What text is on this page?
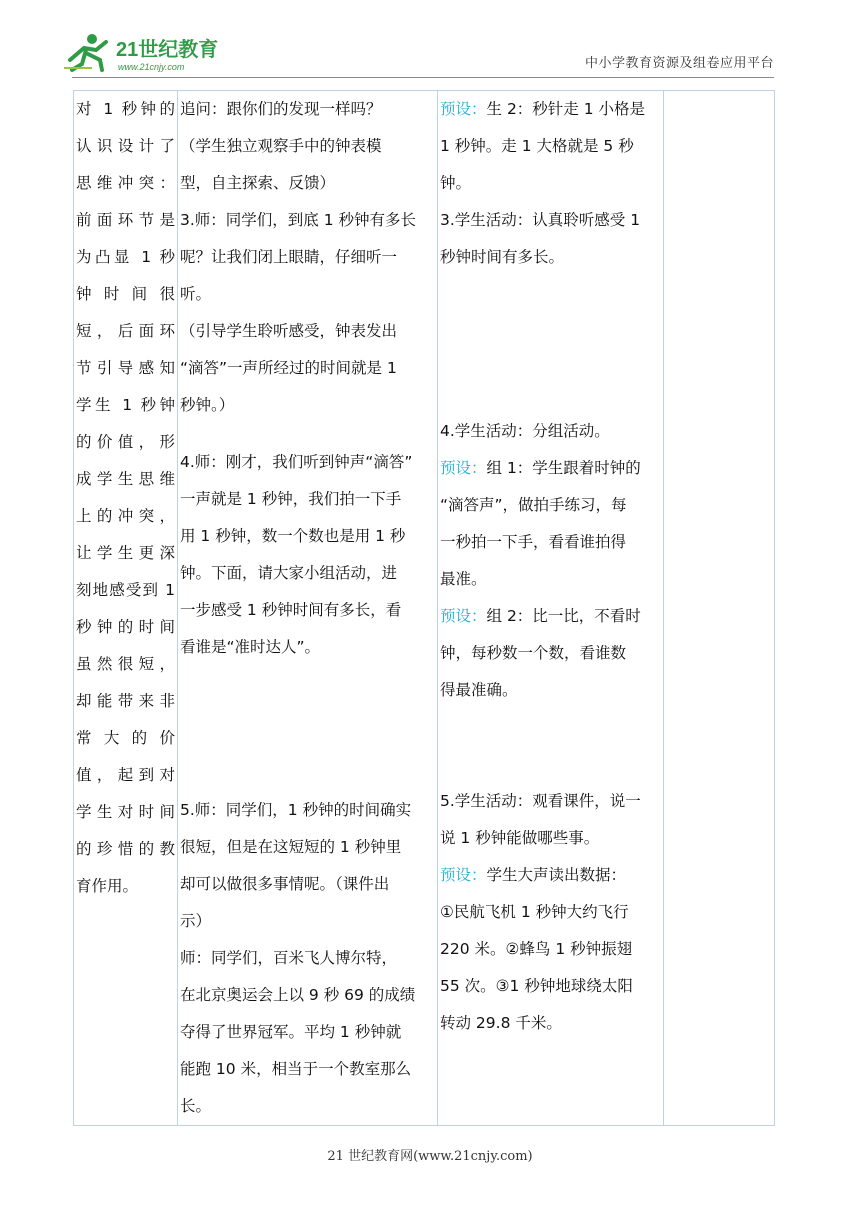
21世纪教育
www.21cnjy.com	中小学教育资源及组卷应用平台
对 1 秒钟的
认识设计了
思维冲突：
前面环节是
为凸显 1 秒
钟 时 间 很
短，后面环
节引导感知
学生 1 秒钟
的价值，形
成学生思维
上的冲突，
让学生更深
刻地感受到 1
秒钟的时间
虽然很短，
却能带来非
常 大 的 价
值，起到对
学生对时间
的珍惜的教
育作用。

追问：跟你们的发现一样吗？
（学生独立观察手中的钟表模
型，自主探索、反馈）
3.师：同学们，到底 1 秒钟有多长
呢？让我们闭上眼睛，仔细听一
听。
（引导学生聆听感受，钟表发出
“滴答”一声所经过的时间就是 1
秒钟。）
4.师：刚才，我们听到钟声“滴答”
一声就是 1 秒钟，我们拍一下手
用 1 秒钟，数一个数也是用 1 秒
钟。下面，请大家小组活动，进
一步感受 1 秒钟时间有多长，看
看谁是“准时达人”。
5.师：同学们，1 秒钟的时间确实
很短，但是在这短短的 1 秒钟里
却可以做很多事情呢。（课件出
示）
师：同学们，百米飞人博尔特，
在北京奥运会上以 9 秒 69 的成绩
夺得了世界冠军。平均 1 秒钟就
能跑 10 米，相当于一个教室那么
长。

预设：生 2：秒针走 1 小格是
1 秒钟。走 1 大格就是 5 秒
钟。
3.学生活动：认真聆听感受 1
秒钟时间有多长。
4.学生活动：分组活动。
预设：组 1：学生跟着时钟的
“滴答声”，做拍手练习，每
一秒拍一下手，看看谁拍得
最准。
预设：组 2：比一比，不看时
钟，每秒数一个数，看谁数
得最准确。
5.学生活动：观看课件，说一
说 1 秒钟能做哪些事。
预设：学生大声读出数据：
①民航飞机 1 秒钟大约飞行
220 米。②蜂鸟 1 秒钟振翅
55 次。③1 秒钟地球绕太阳
转动 29.8 千米。

21 世纪教育网(www.21cnjy.com)
